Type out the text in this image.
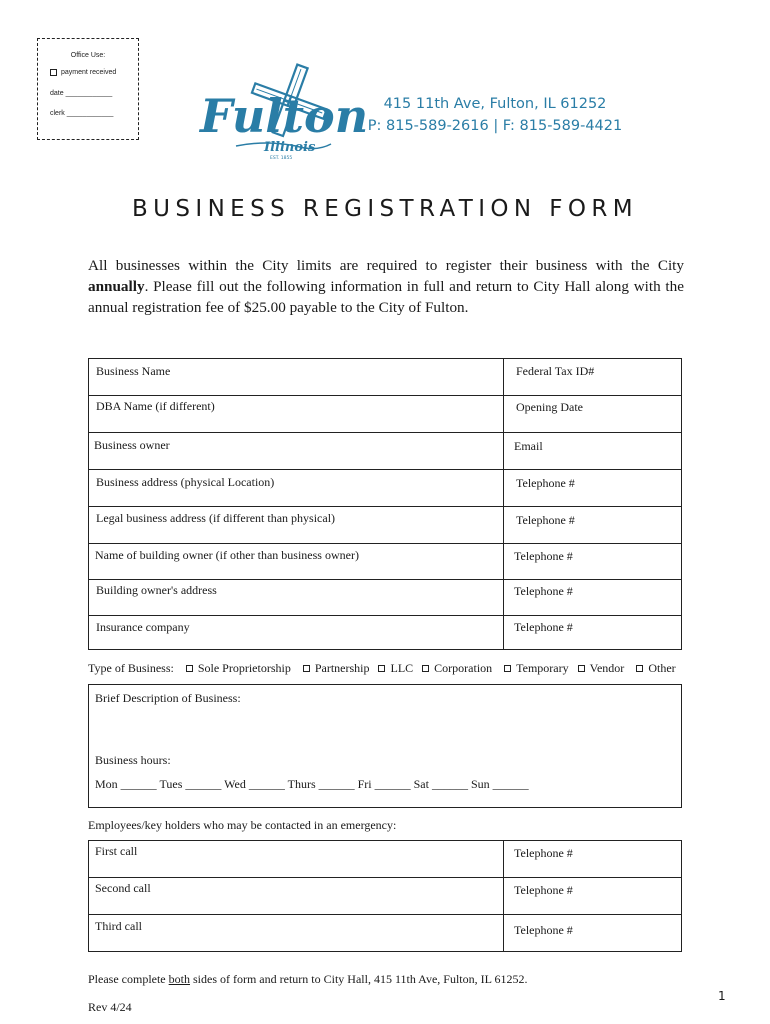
Office Use:
payment received
date ____________
clerk ____________ Fulton
Illinois
EST. 1855
415 11th Ave, Fulton, IL 61252
P: 815-589-2616 | F: 815-589-4421
BUSINESS REGISTRATION FORM
All businesses within the City limits are required to register their business with the City annually. Please fill out the following information in full and return to City Hall along with the annual registration fee of $25.00 payable to the City of Fulton.
Business Name	Federal Tax ID#
DBA Name (if different)	Opening Date
Business owner	Email
Business address (physical Location)	Telephone #
Legal business address (if different than physical)	Telephone #
Name of building owner (if other than business owner)	Telephone #
Building owner's address	Telephone #
Insurance company	Telephone #
Type of Business: Sole Proprietorship Partnership LLC Corporation Temporary Vendor Other
Brief Description of Business:
Business hours:
Mon ______ Tues ______ Wed ______ Thurs ______ Fri ______ Sat ______ Sun ______
Employees/key holders who may be contacted in an emergency:
First call	Telephone #
Second call	Telephone #
Third call	Telephone #
Please complete both sides of form and return to City Hall, 415 11th Ave, Fulton, IL 61252.
Rev 4/24
1
